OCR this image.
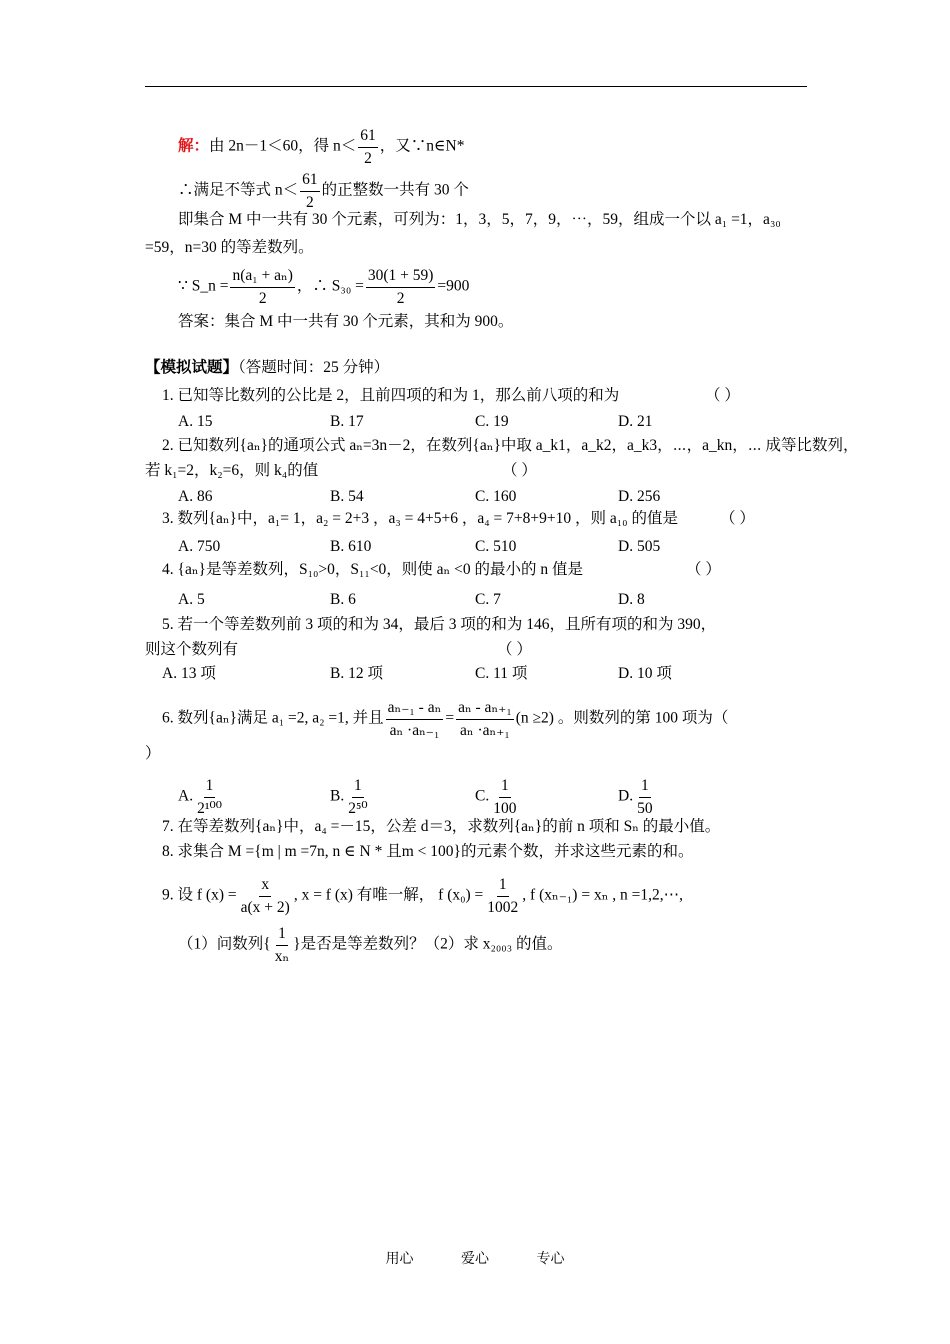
解：由 2n－1＜60，得 $n< \frac{61}{2}$ ，又∵n∈N*
∴满足不等式 $n< \frac{61}{2}$ 的正整数一共有 30 个
即集合 M 中一共有 30 个元素，可列为：1，3，5，7，9，⋯，59，组成一个以 a₁ =1，a₃₀
=59，n=30 的等差数列。
∵ S_n = $\frac{\text{n(a₁ + aₙ)}}{2}$ ，∴ $S_{30} = \frac{30(1 + 59)}{2} =900$
答案：集合 M 中一共有 30 个元素，其和为 900。
【模拟试题】（答题时间：25 分钟）
1. 已知等比数列的公比是 2，且前四项的和为 1，那么前八项的和为	（ ）
A. 15	B. 17	C. 19	D. 21
2. 已知数列{aₙ}的通项公式 aₙ=3n－2，在数列{aₙ}中取 a_k1，a_k2，a_k3，⋯，a_kn，⋯ 成等比数列，
若 k₁=2，k₂=6，则 k₄的值	（ ）
A. 86	B. 54	C. 160	D. 256
3. 数列{aₙ}中，a₁= 1，a₂ = 2+3 ，a₃ = 4+5+6 ，a₄ = 7+8+9+10 ，则 a₁₀ 的值是	（ ）
A. 750	B. 610	C. 510	D. 505
4. {aₙ}是等差数列，S₁₀>0，S₁₁<0，则使 aₙ <0 的最小的 n 值是	（ ）
A. 5	B. 6	C. 7	D. 8
5. 若一个等差数列前 3 项的和为 34，最后 3 项的和为 146，且所有项的和为 390，
则这个数列有	（ ）
A. 13 项	B. 12 项	C. 11 项	D. 10 项
6. 数列{aₙ}满足 a₁ =2, a₂ =1, 并且 $\frac{\text{aₙ₋₁ - aₙ}}{\text{aₙ ·aₙ₋₁}} = \frac{\text{aₙ - aₙ₊₁}}{\text{aₙ ·aₙ₊₁}} (n \ge 2)$ 。则数列的第 100 项为（
）
A. $\frac{1}{\text{2¹⁰⁰}}$	B. $\frac{1}{\text{2⁵⁰}}$	C. $\frac{1}{100}$	D. $\frac{1}{50}$
7. 在等差数列{aₙ}中，a₄ =－15，公差 d＝3，求数列{aₙ}的前 n 项和 Sₙ 的最小值。
8. 求集合 M ={m | m =7n, n ∈ N * 且m < 100}的元素个数，并求这些元素的和。
9. 设 f $(x) = \frac{x}{a(x + 2)}$ , x = f (x) 有唯一解， f $(x_0) = \frac{1}{1002}$ , f (xₙ₋₁) = xₙ , n =1,2,⋯,
（1）问数列{ $\frac{1}{\text{xₙ}}$ }是否是等差数列？（2）求 x₂₀₀₃ 的值。
用心	爱心	专心
